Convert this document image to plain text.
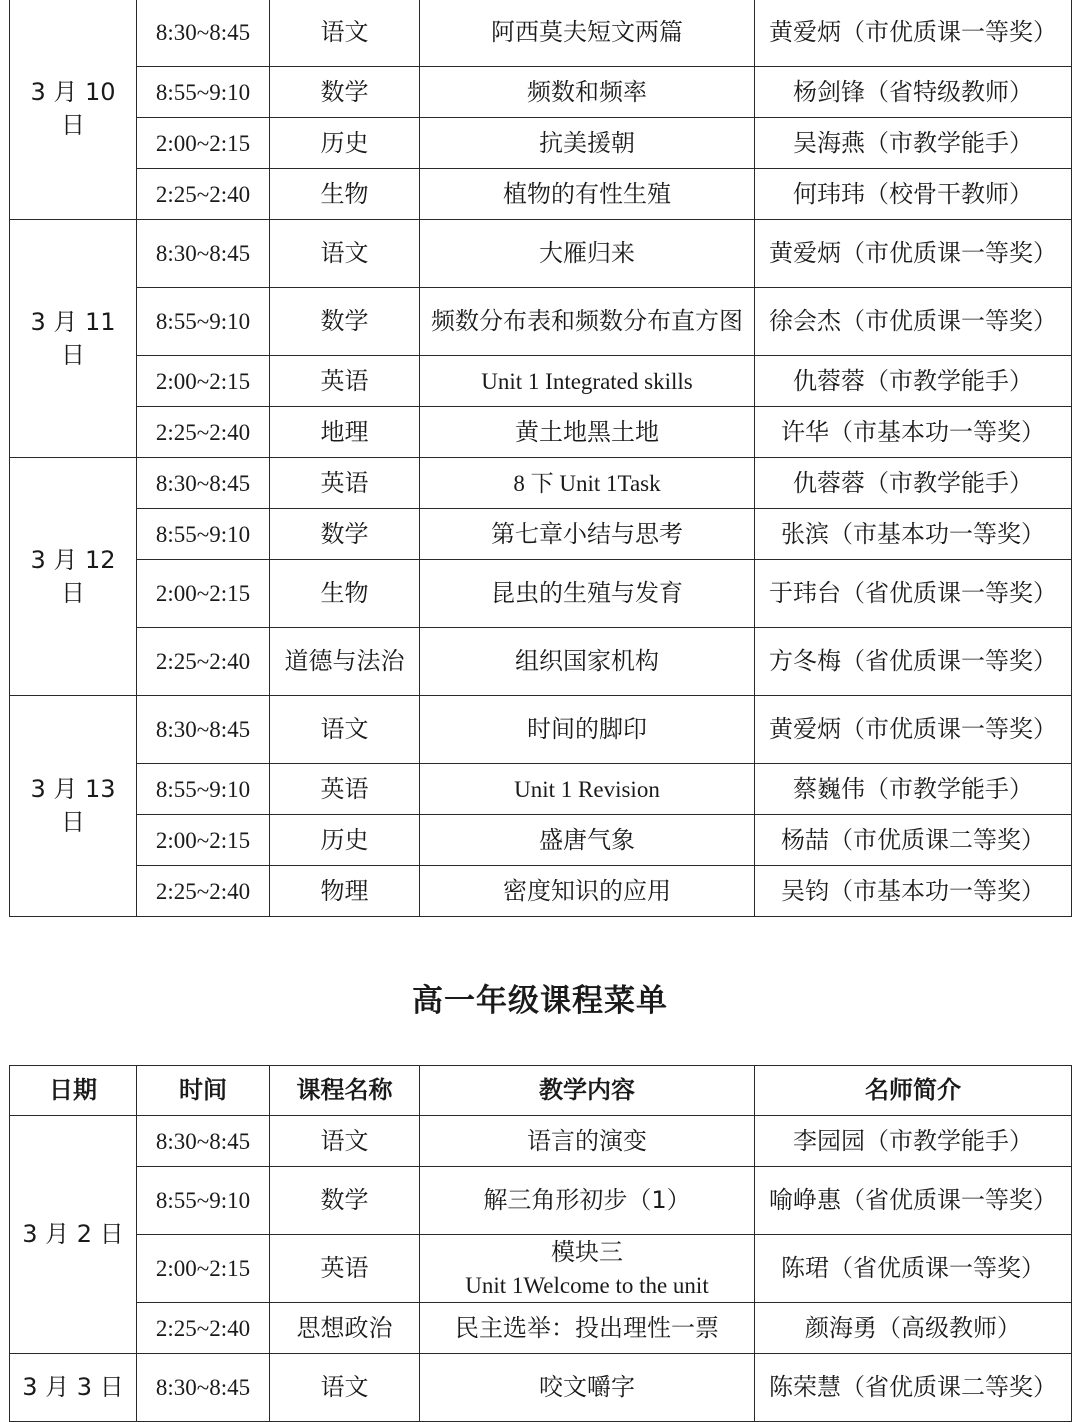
3 月 10 日	8:30~8:45	语文	阿西莫夫短文两篇	黄爱炳（市优质课一等奖）
	8:55~9:10	数学	频数和频率	杨剑锋（省特级教师）
	2:00~2:15	历史	抗美援朝	吴海燕（市教学能手）
	2:25~2:40	生物	植物的有性生殖	何玮玮（校骨干教师）
3 月 11 日	8:30~8:45	语文	大雁归来	黄爱炳（市优质课一等奖）
	8:55~9:10	数学	频数分布表和频数分布直方图	徐会杰（市优质课一等奖）
	2:00~2:15	英语	Unit 1 Integrated skills	仇蓉蓉（市教学能手）
	2:25~2:40	地理	黄土地黑土地	许华（市基本功一等奖）
3 月 12 日	8:30~8:45	英语	8 下 Unit 1Task	仇蓉蓉（市教学能手）
	8:55~9:10	数学	第七章小结与思考	张滨（市基本功一等奖）
	2:00~2:15	生物	昆虫的生殖与发育	于玮台（省优质课一等奖）
	2:25~2:40	道德与法治	组织国家机构	方冬梅（省优质课一等奖）
3 月 13 日	8:30~8:45	语文	时间的脚印	黄爱炳（市优质课一等奖）
	8:55~9:10	英语	Unit 1 Revision	蔡巍伟（市教学能手）
	2:00~2:15	历史	盛唐气象	杨喆（市优质课二等奖）
	2:25~2:40	物理	密度知识的应用	吴钧（市基本功一等奖）
高一年级课程菜单
日期	时间	课程名称	教学内容	名师简介
3 月 2 日	8:30~8:45	语文	语言的演变	李园园（市教学能手）
	8:55~9:10	数学	解三角形初步（1）	喻峥惠（省优质课一等奖）
	2:00~2:15	英语	模块三
Unit 1Welcome to the unit	陈珺（省优质课一等奖）
	2:25~2:40	思想政治	民主选举：投出理性一票	颜海勇（高级教师）
3 月 3 日	8:30~8:45	语文	咬文嚼字	陈荣慧（省优质课二等奖）
